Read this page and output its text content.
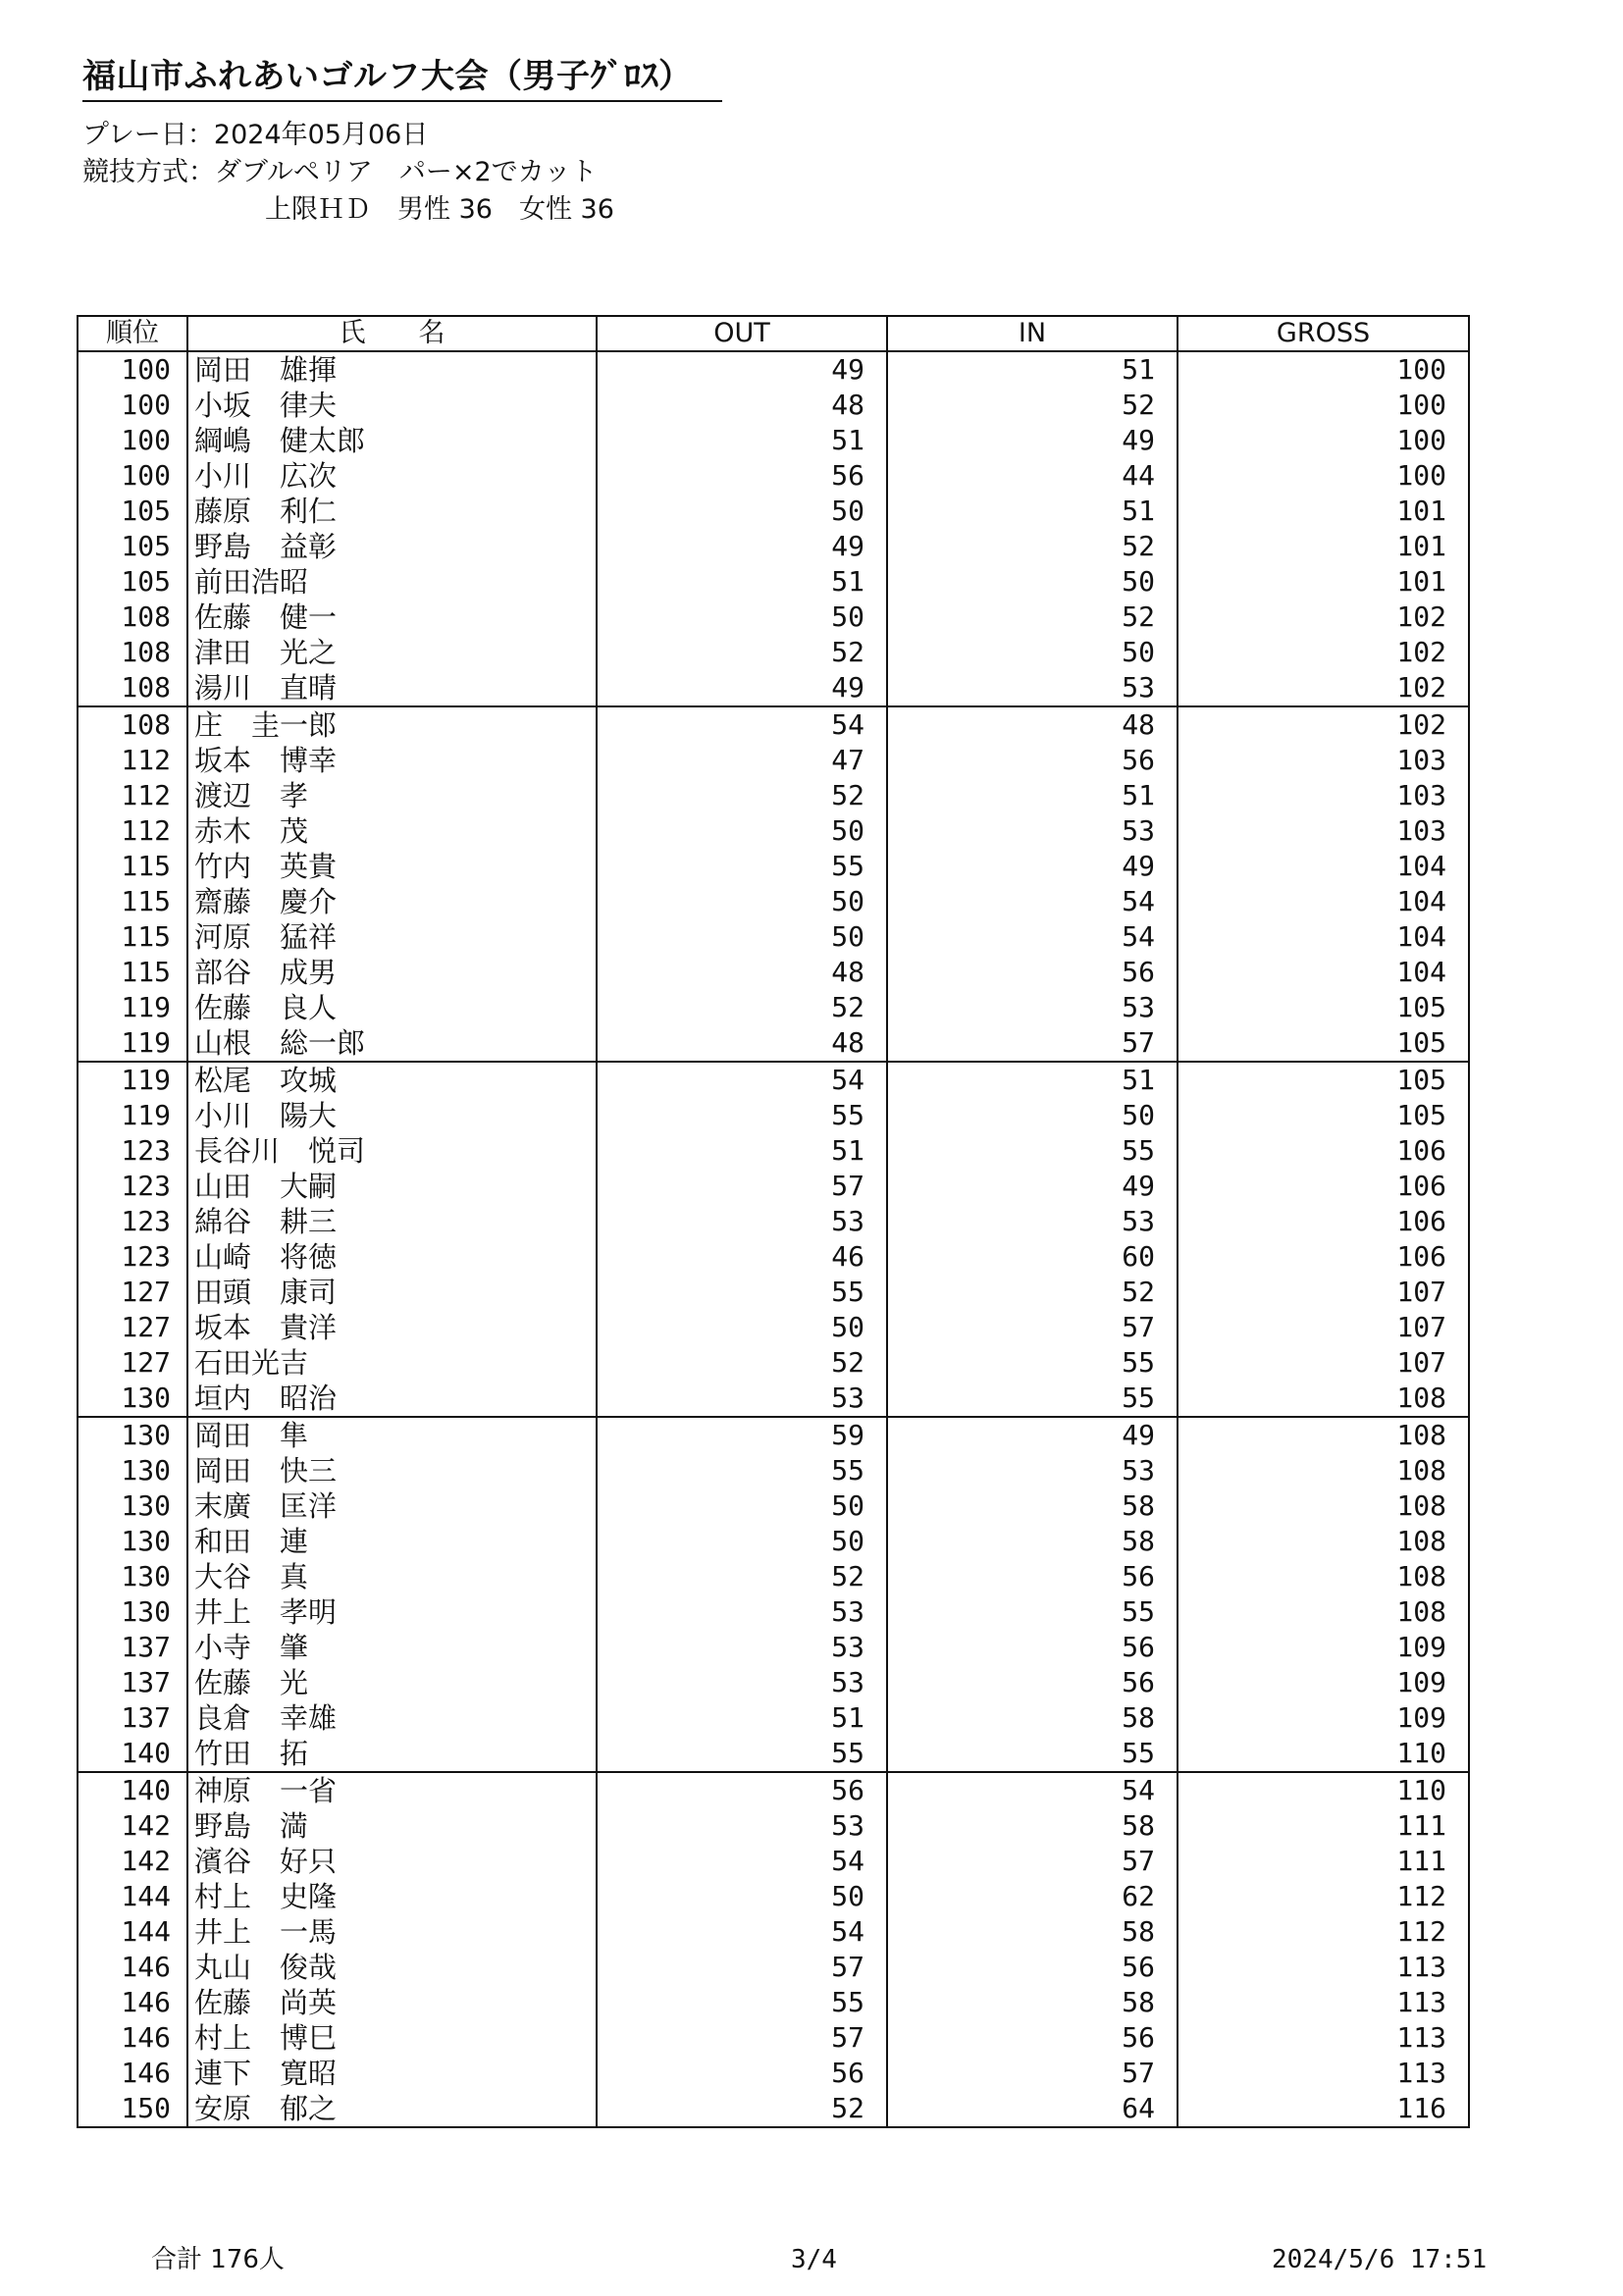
福山市ふれあいゴルフ大会（男子ｸﾞﾛｽ）
プレー日：2024年05月06日
競技方式：ダブルペリア　パー×2でカット
上限ＨＤ　男性 36　女性 36
順位	氏　　名	OUT	IN	GROSS
100	岡田　雄揮	49	51	100
100	小坂　律夫	48	52	100
100	綱嶋　健太郎	51	49	100
100	小川　広次	56	44	100
105	藤原　利仁	50	51	101
105	野島　益彰	49	52	101
105	前田浩昭	51	50	101
108	佐藤　健一	50	52	102
108	津田　光之	52	50	102
108	湯川　直晴	49	53	102
108	庄　圭一郎	54	48	102
112	坂本　博幸	47	56	103
112	渡辺　孝	52	51	103
112	赤木　茂	50	53	103
115	竹内　英貴	55	49	104
115	齋藤　慶介	50	54	104
115	河原　猛祥	50	54	104
115	部谷　成男	48	56	104
119	佐藤　良人	52	53	105
119	山根　総一郎	48	57	105
119	松尾　攻城	54	51	105
119	小川　陽大	55	50	105
123	長谷川　悦司	51	55	106
123	山田　大嗣	57	49	106
123	綿谷　耕三	53	53	106
123	山崎　将徳	46	60	106
127	田頭　康司	55	52	107
127	坂本　貴洋	50	57	107
127	石田光吉	52	55	107
130	垣内　昭治	53	55	108
130	岡田　隼	59	49	108
130	岡田　快三	55	53	108
130	末廣　匡洋	50	58	108
130	和田　連	50	58	108
130	大谷　真	52	56	108
130	井上　孝明	53	55	108
137	小寺　肇	53	56	109
137	佐藤　光	53	56	109
137	良倉　幸雄	51	58	109
140	竹田　拓	55	55	110
140	神原　一省	56	54	110
142	野島　満	53	58	111
142	濱谷　好只	54	57	111
144	村上　史隆	50	62	112
144	井上　一馬	54	58	112
146	丸山　俊哉	57	56	113
146	佐藤　尚英	55	58	113
146	村上　博巳	57	56	113
146	連下　寛昭	56	57	113
150	安原　郁之	52	64	116
合計 176人	3/4	2024/5/6 17:51
